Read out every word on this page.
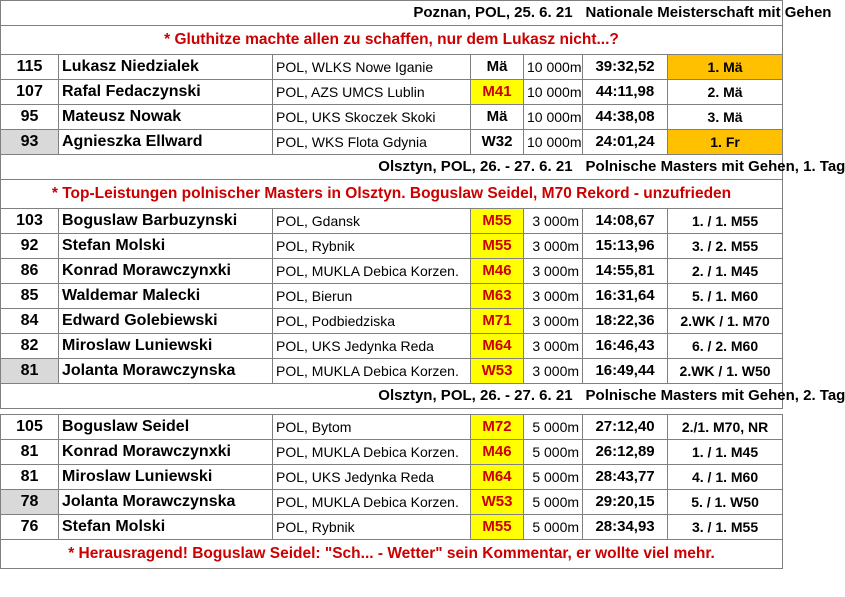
	Poznan, POL, 25. 6. 21				Nationale Meisterschaft mit Gehen	
* Gluthitze machte allen zu schaffen, nur dem Lukasz nicht...?						
115	Lukasz Niedzialek	POL, WLKS Nowe Iganie	Mä	10 000m	39:32,52	1. Mä
107	Rafal Fedaczynski	POL, AZS UMCS Lublin	M41	10 000m	44:11,98	2. Mä
95	Mateusz Nowak	POL, UKS Skoczek Skoki	Mä	10 000m	44:38,08	3. Mä
93	Agnieszka Ellward	POL, WKS Flota Gdynia	W32	10 000m	24:01,24	1. Fr
	Olsztyn, POL, 26. - 27. 6. 21				Polnische Masters mit Gehen, 1. Tag	
* Top-Leistungen polnischer Masters in Olsztyn. Boguslaw Seidel, M70 Rekord - unzufrieden						
103	Boguslaw Barbuzynski	POL, Gdansk	M55	3 000m	14:08,67	1. / 1. M55
92	Stefan Molski	POL, Rybnik	M55	3 000m	15:13,96	3. / 2. M55
86	Konrad Morawczynxki	POL, MUKLA Debica Korzen.	M46	3 000m	14:55,81	2. / 1. M45
85	Waldemar Malecki	POL, Bierun	M63	3 000m	16:31,64	5. / 1. M60
84	Edward Golebiewski	POL, Podbiedziska	M71	3 000m	18:22,36	2.WK / 1. M70
82	Miroslaw Luniewski	POL, UKS Jedynka Reda	M64	3 000m	16:46,43	6. / 2. M60
81	Jolanta Morawczynska	POL, MUKLA Debica Korzen.	W53	3 000m	16:49,44	2.WK / 1. W50
	Olsztyn, POL, 26. - 27. 6. 21				Polnische Masters mit Gehen, 2. Tag	

105	Boguslaw Seidel	POL, Bytom	M72	5 000m	27:12,40	2./1. M70, NR
81	Konrad Morawczynxki	POL, MUKLA Debica Korzen.	M46	5 000m	26:12,89	1. / 1. M45
81	Miroslaw Luniewski	POL, UKS Jedynka Reda	M64	5 000m	28:43,77	4. / 1. M60
78	Jolanta Morawczynska	POL, MUKLA Debica Korzen.	W53	5 000m	29:20,15	5. / 1. W50
76	Stefan Molski	POL, Rybnik	M55	5 000m	28:34,93	3. / 1. M55
* Herausragend! Boguslaw Seidel: "Sch... - Wetter" sein Kommentar, er wollte viel mehr.						
